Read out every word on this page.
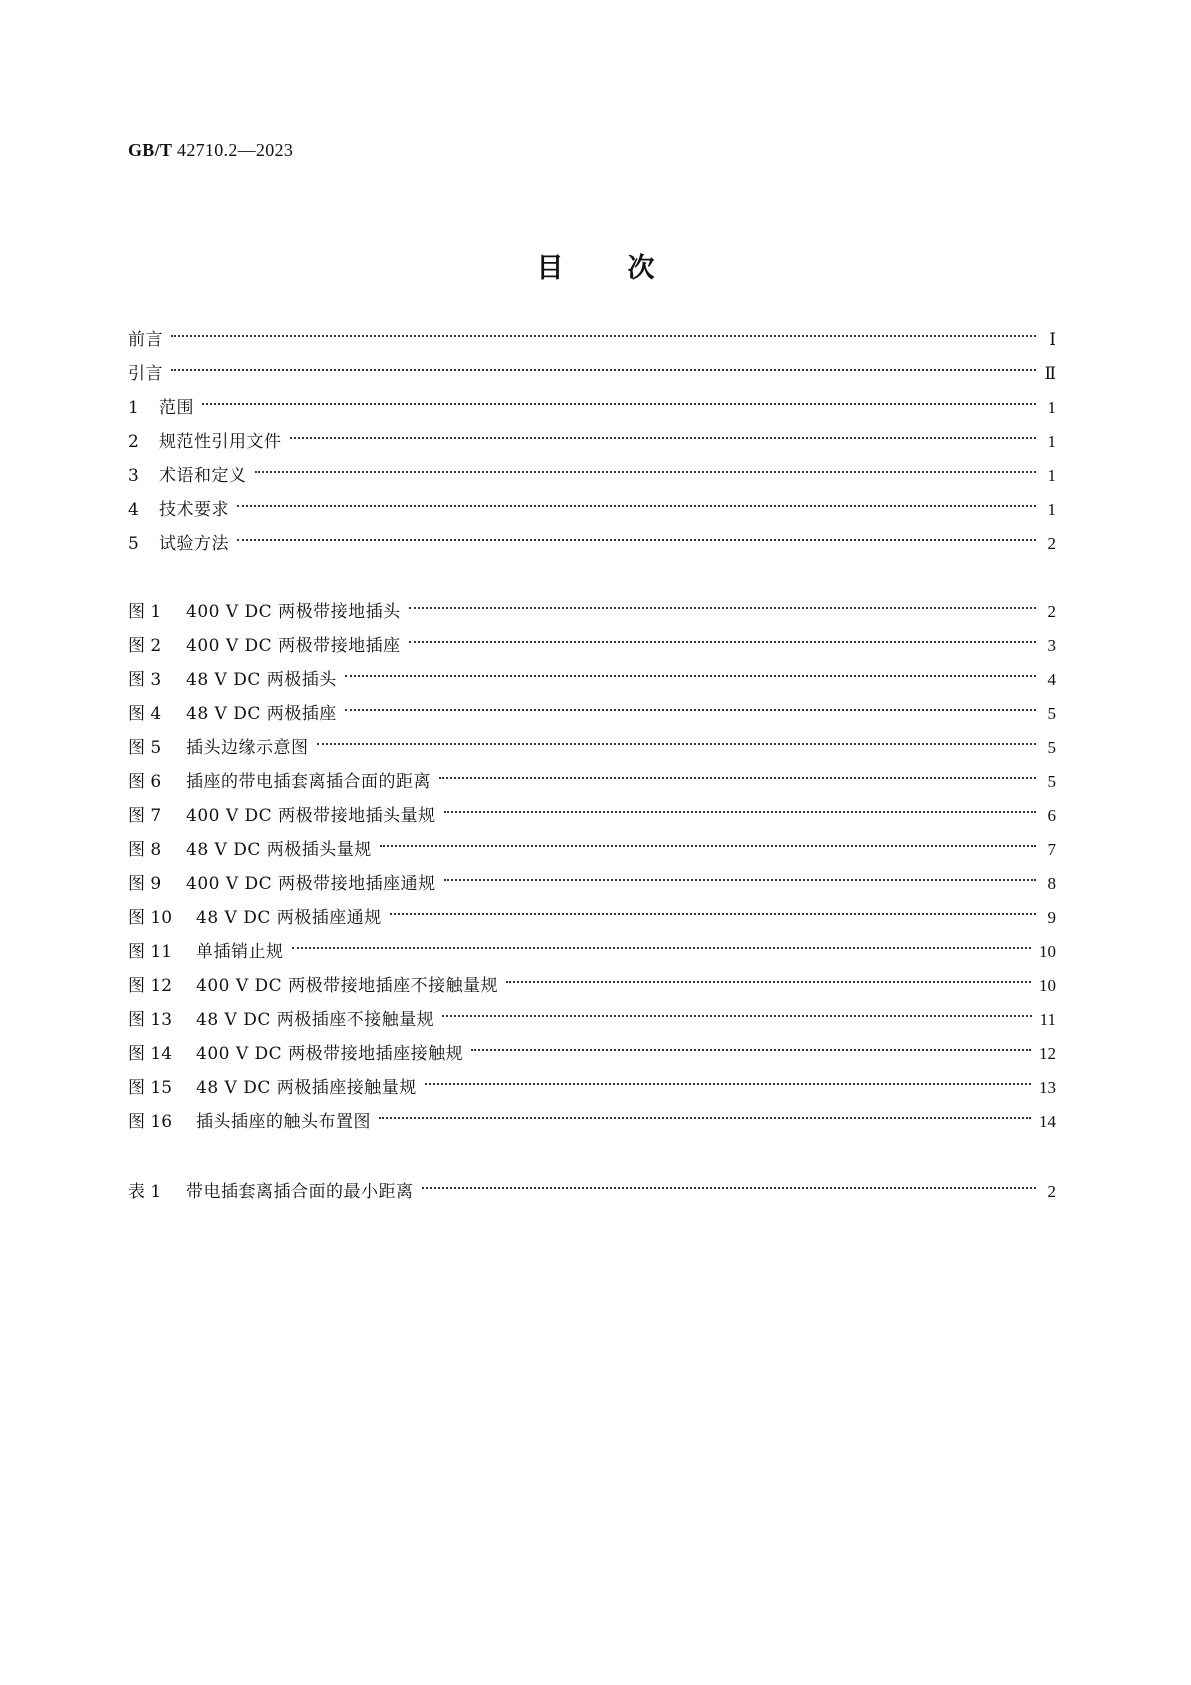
GB/T 42710.2—2023
目 次
前言	Ⅰ
引言	Ⅱ
1	范围	1
2	规范性引用文件	1
3	术语和定义	1
4	技术要求	1
5	试验方法	2
图 1	400 V DC 两极带接地插头	2
图 2	400 V DC 两极带接地插座	3
图 3	48 V DC 两极插头	4
图 4	48 V DC 两极插座	5
图 5	插头边缘示意图	5
图 6	插座的带电插套离插合面的距离	5
图 7	400 V DC 两极带接地插头量规	6
图 8	48 V DC 两极插头量规	7
图 9	400 V DC 两极带接地插座通规	8
图 10	48 V DC 两极插座通规	9
图 11	单插销止规	10
图 12	400 V DC 两极带接地插座不接触量规	10
图 13	48 V DC 两极插座不接触量规	11
图 14	400 V DC 两极带接地插座接触规	12
图 15	48 V DC 两极插座接触量规	13
图 16	插头插座的触头布置图	14
表 1	带电插套离插合面的最小距离	2
